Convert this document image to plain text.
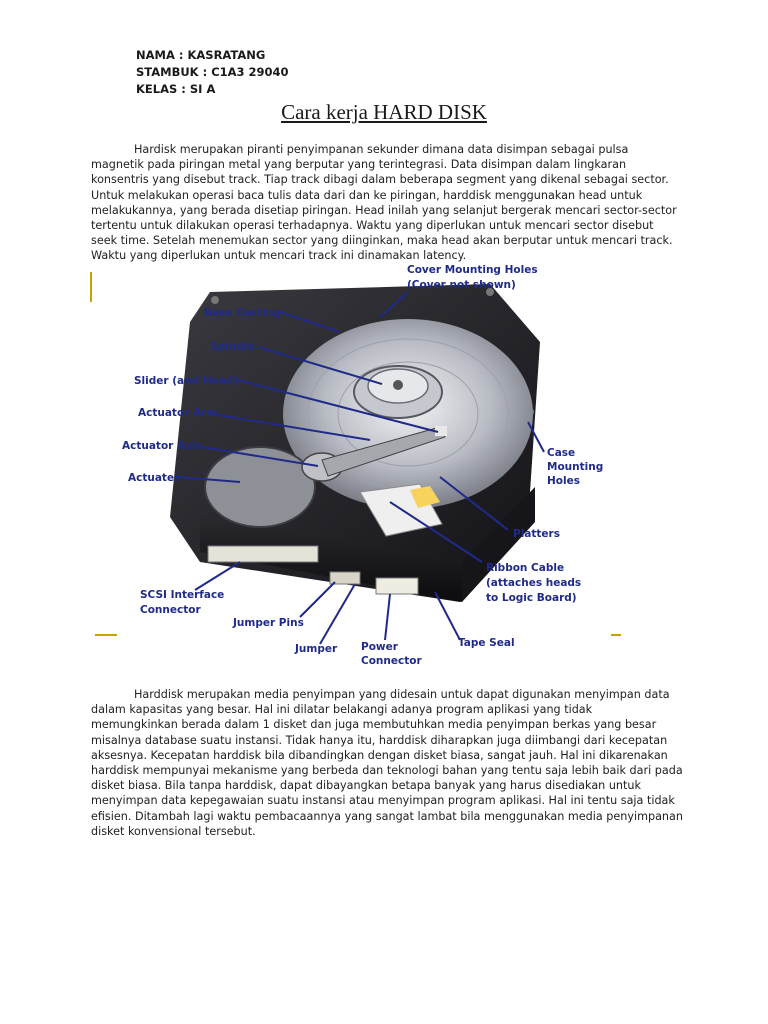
NAMA : KASRATANG
STAMBUK : C1A3 29040
KELAS : SI A
Cara kerja HARD DISK
Hardisk merupakan piranti penyimpanan sekunder dimana data disimpan sebagai pulsa
magnetik pada piringan metal yang berputar yang terintegrasi. Data disimpan dalam lingkaran
konsentris yang disebut track. Tiap track dibagi dalam beberapa segment yang dikenal sebagai sector.
Untuk melakukan operasi baca tulis data dari dan ke piringan, harddisk menggunakan head untuk
melakukannya, yang berada disetiap piringan. Head inilah yang selanjut bergerak mencari sector-sector
tertentu untuk dilakukan operasi terhadapnya. Waktu yang diperlukan untuk mencari sector disebut
seek time. Setelah menemukan sector yang diinginkan, maka head akan berputar untuk mencari track.
Waktu yang diperlukan untuk mencari track ini dinamakan latency.
Cover Mounting Holes
(Cover not shown)
Base Casting
Spindle
Slider (and Head)
Actuator Arm
Actuator Axis
Actuater
Case
Mounting
Holes
Platters
Ribbon Cable
(attaches heads
to Logic Board)
SCSI Interface
Connector
Jumper Pins
Jumper Power
Connector
Tape Seal
Harddisk merupakan media penyimpan yang didesain untuk dapat digunakan menyimpan data
dalam kapasitas yang besar. Hal ini dilatar belakangi adanya program aplikasi yang tidak
memungkinkan berada dalam 1 disket dan juga membutuhkan media penyimpan berkas yang besar
misalnya database suatu instansi. Tidak hanya itu, harddisk diharapkan juga diimbangi dari kecepatan
aksesnya. Kecepatan harddisk bila dibandingkan dengan disket biasa, sangat jauh. Hal ini dikarenakan
harddisk mempunyai mekanisme yang berbeda dan teknologi bahan yang tentu saja lebih baik dari pada
disket biasa. Bila tanpa harddisk, dapat dibayangkan betapa banyak yang harus disediakan untuk
menyimpan data kepegawaian suatu instansi atau menyimpan program aplikasi. Hal ini tentu saja tidak
efisien. Ditambah lagi waktu pembacaannya yang sangat lambat bila menggunakan media penyimpanan
disket konvensional tersebut.
